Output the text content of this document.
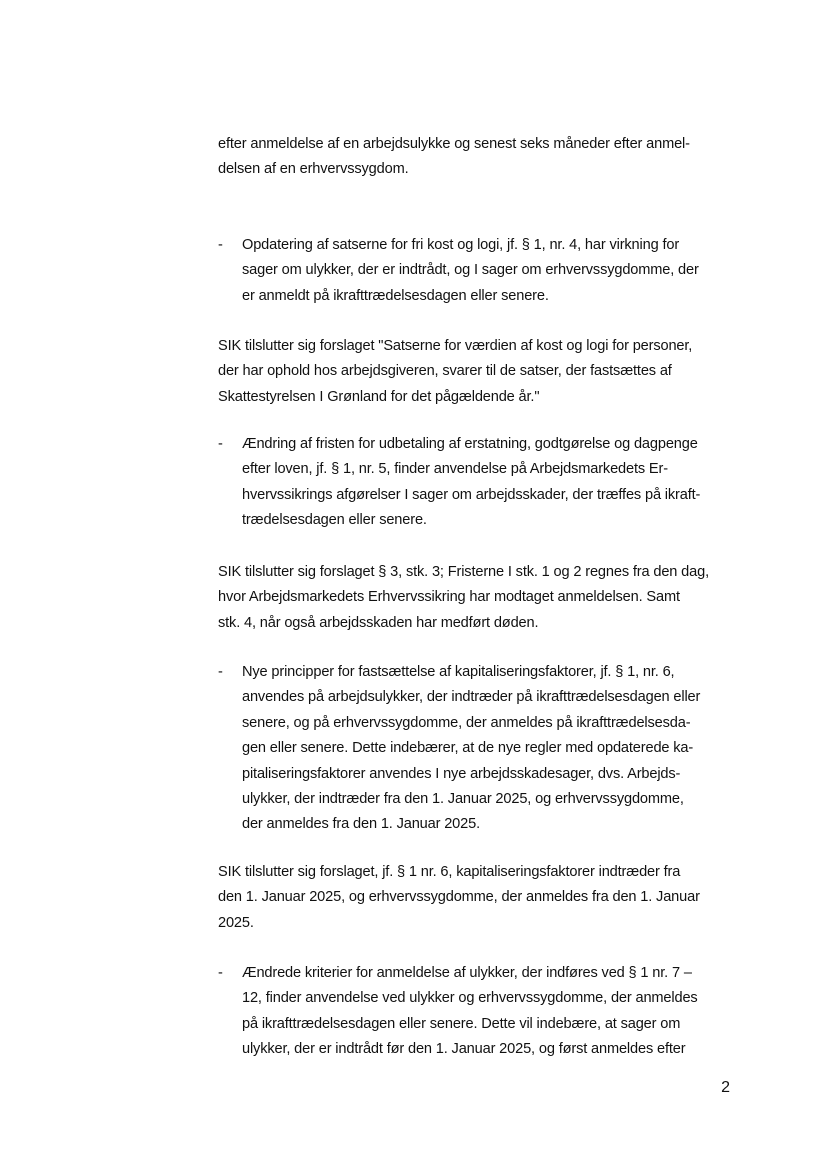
efter anmeldelse af en arbejdsulykke og senest seks måneder efter anmel-
delsen af en erhvervssygdom.

- Opdatering af satserne for fri kost og logi, jf. § 1, nr. 4, har virkning for
sager om ulykker, der er indtrådt, og I sager om erhvervssygdomme, der
er anmeldt på ikrafttrædelsesdagen eller senere.

SIK tilslutter sig forslaget "Satserne for værdien af kost og logi for personer,
der har ophold hos arbejdsgiveren, svarer til de satser, der fastsættes af
Skattestyrelsen I Grønland for det pågældende år."

- Ændring af fristen for udbetaling af erstatning, godtgørelse og dagpenge
efter loven, jf. § 1, nr. 5, finder anvendelse på Arbejdsmarkedets Er-
hvervssikrings afgørelser I sager om arbejdsskader, der træffes på ikraft-
trædelsesdagen eller senere.

SIK tilslutter sig forslaget § 3, stk. 3; Fristerne I stk. 1 og 2 regnes fra den dag,
hvor Arbejdsmarkedets Erhvervssikring har modtaget anmeldelsen. Samt
stk. 4, når også arbejdsskaden har medført døden.

- Nye principper for fastsættelse af kapitaliseringsfaktorer, jf. § 1, nr. 6,
anvendes på arbejdsulykker, der indtræder på ikrafttrædelsesdagen eller
senere, og på erhvervssygdomme, der anmeldes på ikrafttrædelsesda-
gen eller senere. Dette indebærer, at de nye regler med opdaterede ka-
pitaliseringsfaktorer anvendes I nye arbejdsskadesager, dvs. Arbejds-
ulykker, der indtræder fra den 1. Januar 2025, og erhvervssygdomme,
der anmeldes fra den 1. Januar 2025.

SIK tilslutter sig forslaget, jf. § 1 nr. 6, kapitaliseringsfaktorer indtræder fra
den 1. Januar 2025, og erhvervssygdomme, der anmeldes fra den 1. Januar
2025.

- Ændrede kriterier for anmeldelse af ulykker, der indføres ved § 1 nr. 7 –
12, finder anvendelse ved ulykker og erhvervssygdomme, der anmeldes
på ikrafttrædelsesdagen eller senere. Dette vil indebære, at sager om
ulykker, der er indtrådt før den 1. Januar 2025, og først anmeldes efter

2
